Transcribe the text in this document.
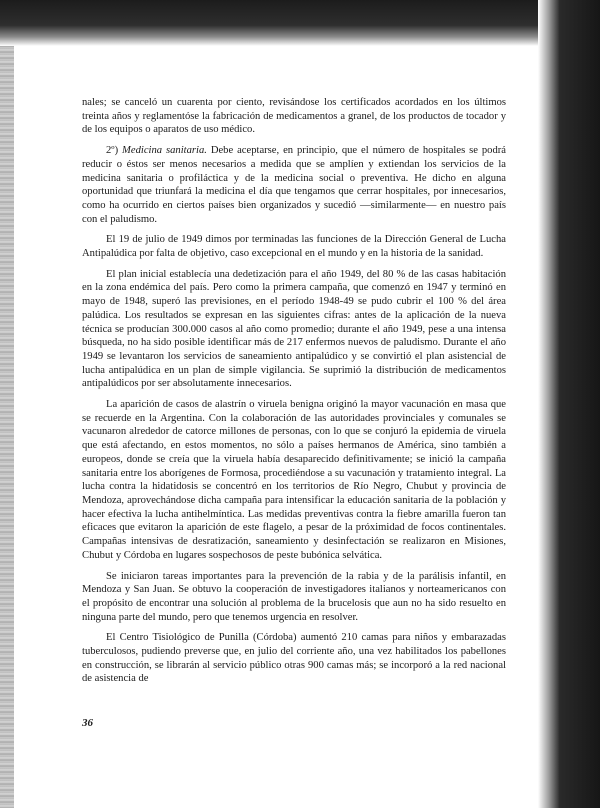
nales; se canceló un cuarenta por ciento, revisándose los certificados acordados en los últimos treinta años y reglamentóse la fabricación de medicamentos a granel, de los productos de tocador y de los equipos o aparatos de uso médico.

2º) Medicina sanitaria. Debe aceptarse, en principio, que el número de hospitales se podrá reducir o éstos ser menos necesarios a medida que se amplíen y extiendan los servicios de la medicina sanitaria o profiláctica y de la medicina social o preventiva. He dicho en alguna oportunidad que triunfará la medicina el día que tengamos que cerrar hospitales, por innecesarios, como ha ocurrido en ciertos países bien organizados y sucedió —similarmente— en nuestro país con el paludismo.

El 19 de julio de 1949 dimos por terminadas las funciones de la Dirección General de Lucha Antipalúdica por falta de objetivo, caso excepcional en el mundo y en la historia de la sanidad.

El plan inicial establecía una dedetización para el año 1949, del 80 % de las casas habitación en la zona endémica del país. Pero como la primera campaña, que comenzó en 1947 y terminó en mayo de 1948, superó las previsiones, en el período 1948-49 se pudo cubrir el 100 % del área palúdica. Los resultados se expresan en las siguientes cifras: antes de la aplicación de la nueva técnica se producían 300.000 casos al año como promedio; durante el año 1949, pese a una intensa búsqueda, no ha sido posible identificar más de 217 enfermos nuevos de paludismo. Durante el año 1949 se levantaron los servicios de saneamiento antipalúdico y se convirtió el plan asistencial de lucha antipalúdica en un plan de simple vigilancia. Se suprimió la distribución de medicamentos antipalúdicos por ser absolutamente innecesarios.

La aparición de casos de alastrín o viruela benigna originó la mayor vacunación en masa que se recuerde en la Argentina. Con la colaboración de las autoridades provinciales y comunales se vacunaron alrededor de catorce millones de personas, con lo que se conjuró la epidemia de viruela que está afectando, en estos momentos, no sólo a países hermanos de América, sino también a europeos, donde se creía que la viruela había desaparecido definitivamente; se inició la campaña sanitaria entre los aborígenes de Formosa, procediéndose a su vacunación y tratamiento integral. La lucha contra la hidatidosis se concentró en los territorios de Río Negro, Chubut y provincia de Mendoza, aprovechándose dicha campaña para intensificar la educación sanitaria de la población y hacer efectiva la lucha antihelmíntica. Las medidas preventivas contra la fiebre amarilla fueron tan eficaces que evitaron la aparición de este flagelo, a pesar de la próximidad de focos continentales. Campañas intensivas de desratización, saneamiento y desinfectación se realizaron en Misiones, Chubut y Córdoba en lugares sospechosos de peste bubónica selvática.

Se iniciaron tareas importantes para la prevención de la rabia y de la parálisis infantil, en Mendoza y San Juan. Se obtuvo la cooperación de investigadores italianos y norteamericanos con el propósito de encontrar una solución al problema de la brucelosis que aun no ha sido resuelto en ninguna parte del mundo, pero que tenemos urgencia en resolver.

El Centro Tisiológico de Punilla (Córdoba) aumentó 210 camas para niños y embarazadas tuberculosos, pudiendo preverse que, en julio del corriente año, una vez habilitados los pabellones en construcción, se librarán al servicio público otras 900 camas más; se incorporó a la red nacional de asistencia de

36
